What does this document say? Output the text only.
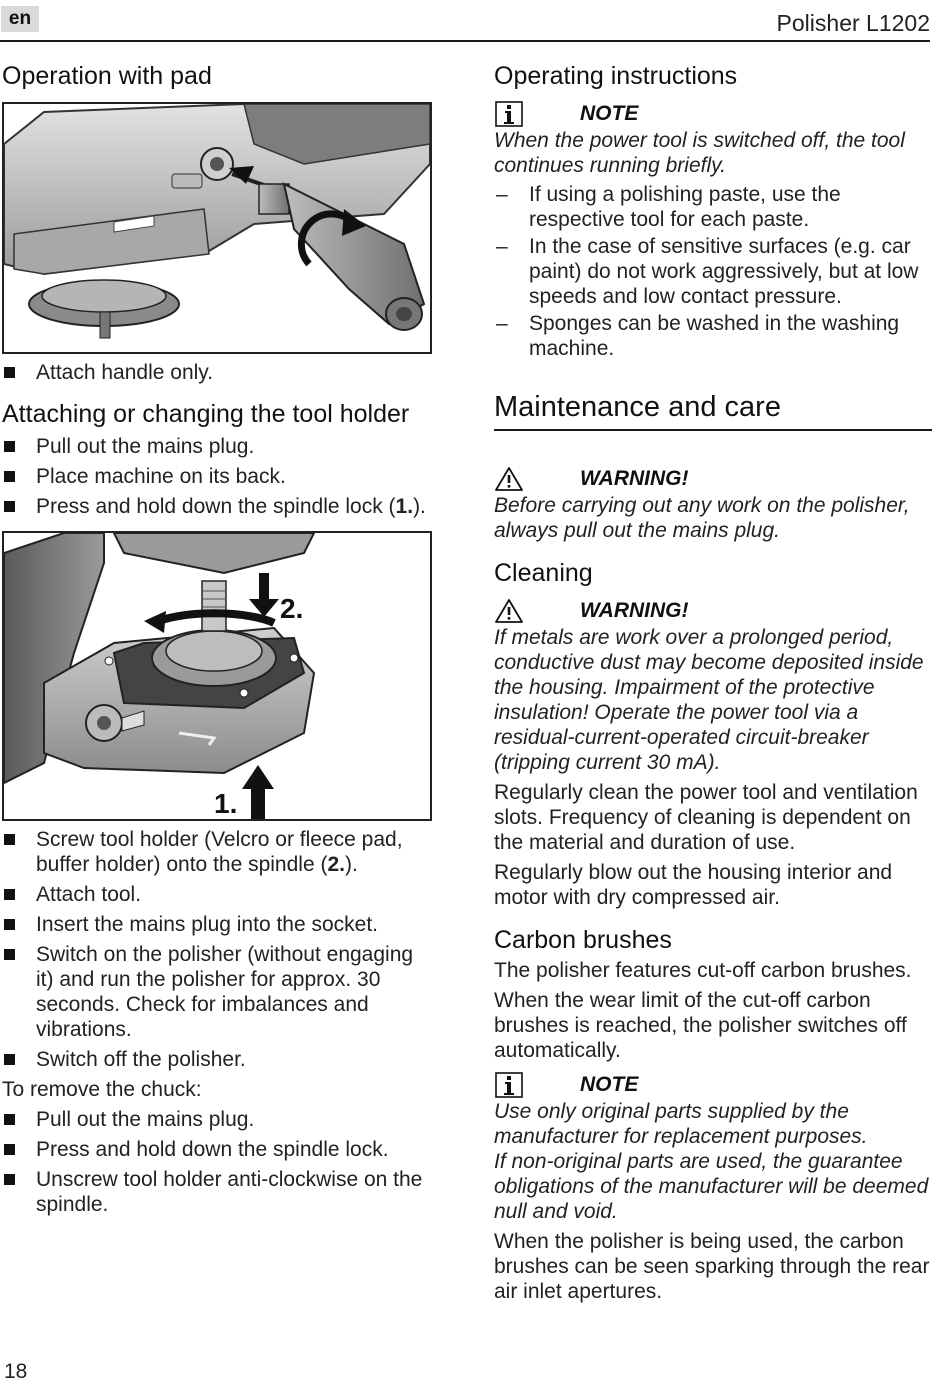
en	Polisher L1202
Operation with pad
Attach handle only.
Attaching or changing the tool holder
Pull out the mains plug.
Place machine on its back.
Press and hold down the spindle lock (1.).
2.
1.
Screw tool holder (Velcro or fleece pad, buffer holder) onto the spindle (2.).
Attach tool.
Insert the mains plug into the socket.
Switch on the polisher (without engaging it) and run the polisher for approx. 30 seconds. Check for imbalances and vibrations.
Switch off the polisher.

To remove the chuck:

Pull out the mains plug.
Press and hold down the spindle lock.
Unscrew tool holder anti-clockwise on the spindle.
Operating instructions
NOTE

When the power tool is switched off, the tool continues running briefly.

– If using a polishing paste, use the respective tool for each paste.
– In the case of sensitive surfaces (e.g. car paint) do not work aggressively, but at low speeds and low contact pressure.
– Sponges can be washed in the washing machine.
Maintenance and care
WARNING!

Before carrying out any work on the polisher, always pull out the mains plug.

Cleaning
WARNING!

If metals are work over a prolonged period, conductive dust may become deposited inside the housing. Impairment of the protective insulation! Operate the power tool via a residual-current-operated circuit-breaker (tripping current 30 mA).

Regularly clean the power tool and ventilation slots. Frequency of cleaning is dependent on the material and duration of use.

Regularly blow out the housing interior and motor with dry compressed air.

Carbon brushes

The polisher features cut-off carbon brushes.

When the wear limit of the cut-off carbon brushes is reached, the polisher switches off automatically.

NOTE

Use only original parts supplied by the manufacturer for replacement purposes.

If non-original parts are used, the guarantee obligations of the manufacturer will be deemed null and void.

When the polisher is being used, the carbon brushes can be seen sparking through the rear air inlet apertures.

18
